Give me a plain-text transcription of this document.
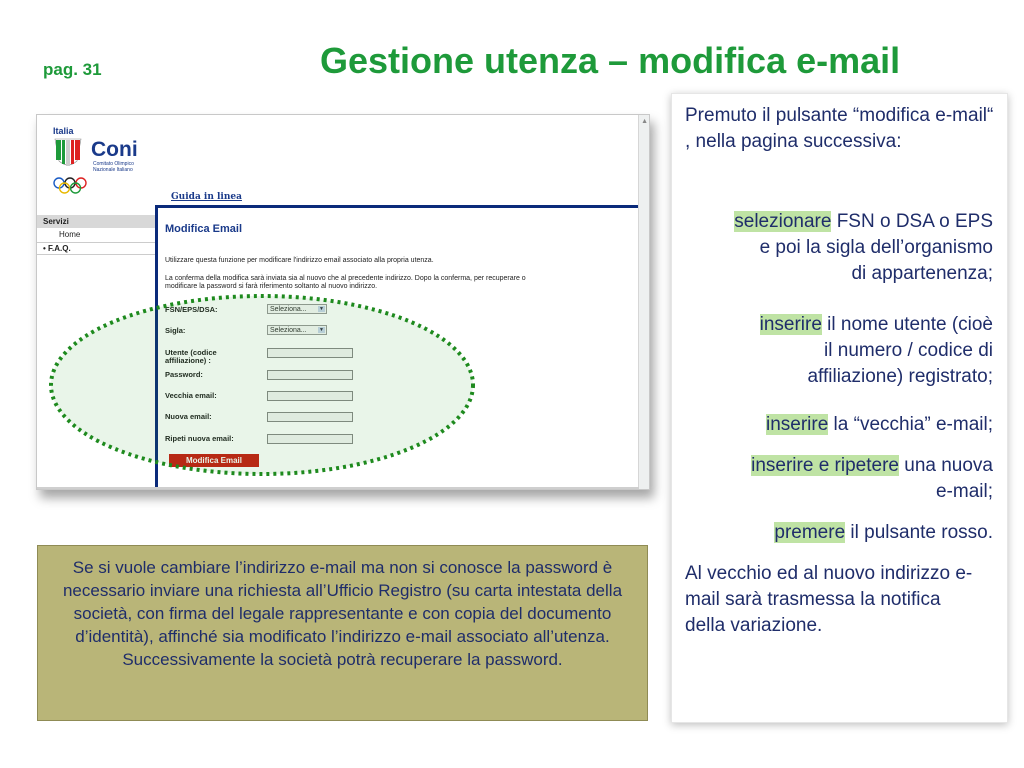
pag. 31	Gestione utenza – modifica e-mail
Italia
Coni
Comitato Olimpico
Nazionale Italiano
Guida in linea
▲
Servizi
Home
• F.A.Q.
Modifica Email
Utilizzare questa funzione per modificare l'indirizzo email associato alla propria utenza.
La conferma della modifica sarà inviata sia al nuovo che al precedente indirizzo. Dopo la conferma, per recuperare o
modificare la password si farà riferimento soltanto al nuovo indirizzo.
FSN/EPS/DSA:	Seleziona... ▼
Sigla:	Seleziona... ▼
Utente (codice affiliazione) :
Password:
Vecchia email:
Nuova email:
Ripeti nuova email:
Modifica Email

Premuto il pulsante “modifica e-mail“ , nella pagina successiva:

selezionare FSN o DSA o EPS
e poi la sigla dell’organismo
di appartenenza;
inserire il nome utente (cioè
il numero / codice di
affiliazione) registrato;
inserire la “vecchia” e-mail;
inserire e ripetere una nuova
e-mail;
premere il pulsante rosso.

Al vecchio ed al nuovo indirizzo e-mail sarà trasmessa la notifica della variazione.

Se si vuole cambiare l’indirizzo e-mail ma non si conosce la password è necessario inviare una richiesta all’Ufficio Registro (su carta intestata della società, con firma del legale rappresentante e con copia del documento d’identità), affinché sia modificato l’indirizzo e-mail associato all’utenza. Successivamente la società potrà recuperare la password.
